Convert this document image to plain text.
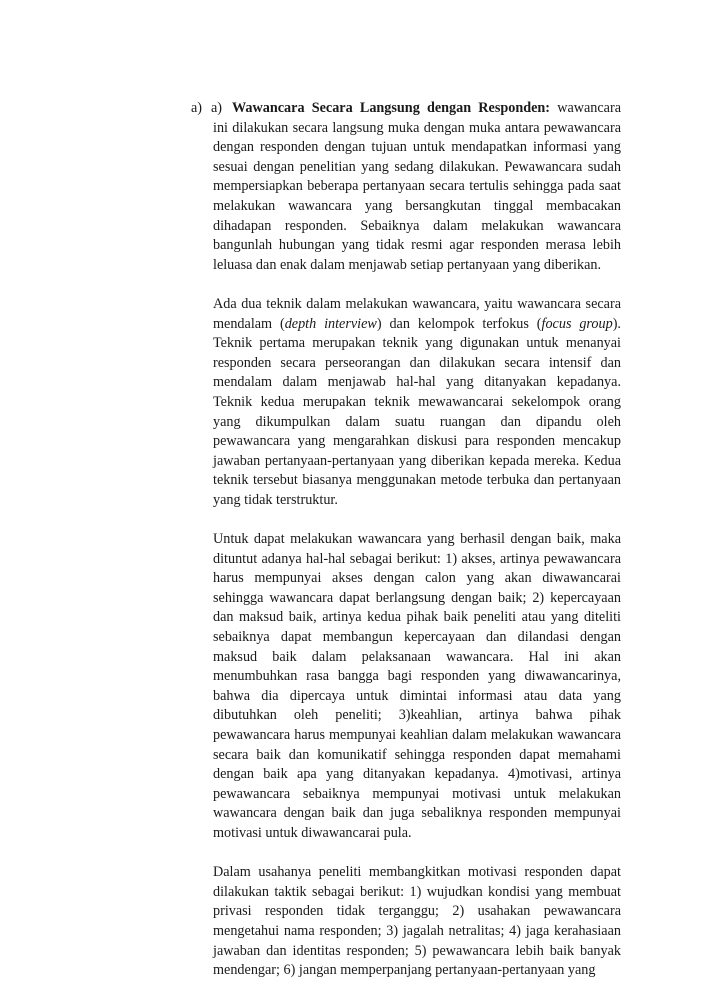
a) a) Wawancara Secara Langsung dengan Responden: wawancara ini dilakukan secara langsung muka dengan muka antara pewawancara dengan responden dengan tujuan untuk mendapatkan informasi yang sesuai dengan penelitian yang sedang dilakukan. Pewawancara sudah mempersiapkan beberapa pertanyaan secara tertulis sehingga pada saat melakukan wawancara yang bersangkutan tinggal membacakan dihadapan responden. Sebaiknya dalam melakukan wawancara bangunlah hubungan yang tidak resmi agar responden merasa lebih leluasa dan enak dalam menjawab setiap pertanyaan yang diberikan.

Ada dua teknik dalam melakukan wawancara, yaitu wawancara secara mendalam (depth interview) dan kelompok terfokus (focus group). Teknik pertama merupakan teknik yang digunakan untuk menanyai responden secara perseorangan dan dilakukan secara intensif dan mendalam dalam menjawab hal-hal yang ditanyakan kepadanya. Teknik kedua merupakan teknik mewawancarai sekelompok orang yang dikumpulkan dalam suatu ruangan dan dipandu oleh pewawancara yang mengarahkan diskusi para responden mencakup jawaban pertanyaan-pertanyaan yang diberikan kepada mereka. Kedua teknik tersebut biasanya menggunakan metode terbuka dan pertanyaan yang tidak terstruktur.

Untuk dapat melakukan wawancara yang berhasil dengan baik, maka dituntut adanya hal-hal sebagai berikut: 1) akses, artinya pewawancara harus mempunyai akses dengan calon yang akan diwawancarai sehingga wawancara dapat berlangsung dengan baik; 2) kepercayaan dan maksud baik, artinya kedua pihak baik peneliti atau yang diteliti sebaiknya dapat membangun kepercayaan dan dilandasi dengan maksud baik dalam pelaksanaan wawancara. Hal ini akan menumbuhkan rasa bangga bagi responden yang diwawancarinya, bahwa dia dipercaya untuk dimintai informasi atau data yang dibutuhkan oleh peneliti; 3)keahlian, artinya bahwa pihak pewawancara harus mempunyai keahlian dalam melakukan wawancara secara baik dan komunikatif sehingga responden dapat memahami dengan baik apa yang ditanyakan kepadanya. 4)motivasi, artinya pewawancara sebaiknya mempunyai motivasi untuk melakukan wawancara dengan baik dan juga sebaliknya responden mempunyai motivasi untuk diwawancarai pula.

Dalam usahanya peneliti membangkitkan motivasi responden dapat dilakukan taktik sebagai berikut: 1) wujudkan kondisi yang membuat privasi responden tidak terganggu; 2) usahakan pewawancara mengetahui nama responden; 3) jagalah netralitas; 4) jaga kerahasiaan jawaban dan identitas responden; 5) pewawancara lebih baik banyak mendengar; 6) jangan memperpanjang pertanyaan-pertanyaan yang
